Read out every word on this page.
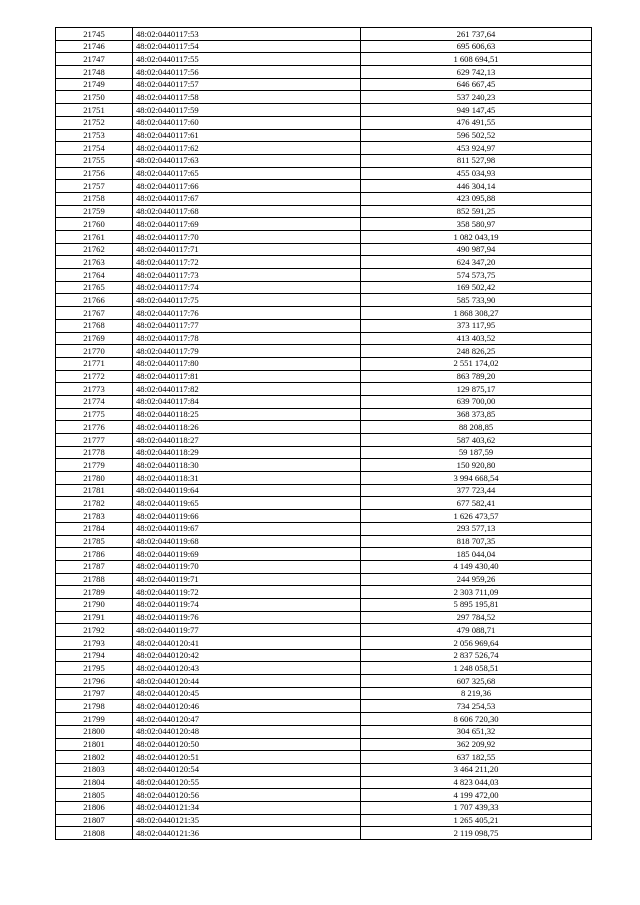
21745	48:02:0440117:53	261 737,64
21746	48:02:0440117:54	695 606,63
21747	48:02:0440117:55	1 608 694,51
21748	48:02:0440117:56	629 742,13
21749	48:02:0440117:57	646 667,45
21750	48:02:0440117:58	537 240,23
21751	48:02:0440117:59	949 147,45
21752	48:02:0440117:60	476 491,55
21753	48:02:0440117:61	596 502,52
21754	48:02:0440117:62	453 924,97
21755	48:02:0440117:63	811 527,98
21756	48:02:0440117:65	455 034,93
21757	48:02:0440117:66	446 304,14
21758	48:02:0440117:67	423 095,88
21759	48:02:0440117:68	852 591,25
21760	48:02:0440117:69	358 580,97
21761	48:02:0440117:70	1 082 043,19
21762	48:02:0440117:71	490 987,94
21763	48:02:0440117:72	624 347,20
21764	48:02:0440117:73	574 573,75
21765	48:02:0440117:74	169 502,42
21766	48:02:0440117:75	585 733,90
21767	48:02:0440117:76	1 868 308,27
21768	48:02:0440117:77	373 117,95
21769	48:02:0440117:78	413 403,52
21770	48:02:0440117:79	248 826,25
21771	48:02:0440117:80	2 551 174,02
21772	48:02:0440117:81	863 789,20
21773	48:02:0440117:82	129 875,17
21774	48:02:0440117:84	639 700,00
21775	48:02:0440118:25	368 373,85
21776	48:02:0440118:26	88 208,85
21777	48:02:0440118:27	587 403,62
21778	48:02:0440118:29	59 187,59
21779	48:02:0440118:30	150 920,80
21780	48:02:0440118:31	3 994 668,54
21781	48:02:0440119:64	377 723,44
21782	48:02:0440119:65	677 582,41
21783	48:02:0440119:66	1 626 473,57
21784	48:02:0440119:67	293 577,13
21785	48:02:0440119:68	818 707,35
21786	48:02:0440119:69	185 044,04
21787	48:02:0440119:70	4 149 430,40
21788	48:02:0440119:71	244 959,26
21789	48:02:0440119:72	2 303 711,09
21790	48:02:0440119:74	5 895 195,81
21791	48:02:0440119:76	297 784,52
21792	48:02:0440119:77	479 088,71
21793	48:02:0440120:41	2 056 969,64
21794	48:02:0440120:42	2 837 526,74
21795	48:02:0440120:43	1 248 058,51
21796	48:02:0440120:44	607 325,68
21797	48:02:0440120:45	8 219,36
21798	48:02:0440120:46	734 254,53
21799	48:02:0440120:47	8 606 720,30
21800	48:02:0440120:48	304 651,32
21801	48:02:0440120:50	362 209,92
21802	48:02:0440120:51	637 182,55
21803	48:02:0440120:54	3 464 211,20
21804	48:02:0440120:55	4 823 044,03
21805	48:02:0440120:56	4 199 472,00
21806	48:02:0440121:34	1 707 439,33
21807	48:02:0440121:35	1 265 405,21
21808	48:02:0440121:36	2 119 098,75
